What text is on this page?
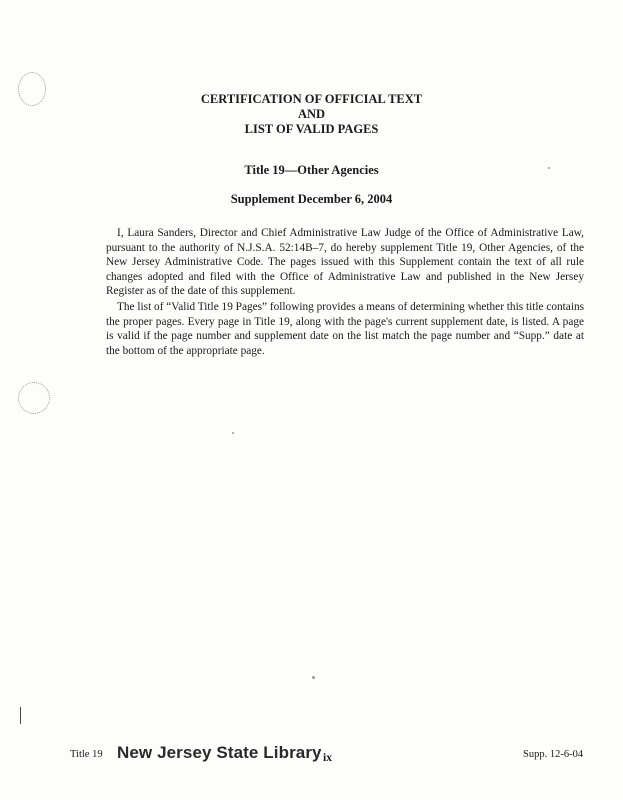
CERTIFICATION OF OFFICIAL TEXT
AND
LIST OF VALID PAGES
Title 19—Other Agencies
Supplement December 6, 2004

I, Laura Sanders, Director and Chief Administrative Law Judge of the Office of Administrative Law, pursuant to the authority of N.J.S.A. 52:14B–7, do hereby supplement Title 19, Other Agencies, of the New Jersey Administrative Code. The pages issued with this Supplement contain the text of all rule changes adopted and filed with the Office of Administrative Law and published in the New Jersey Register as of the date of this supplement.

The list of “Valid Title 19 Pages” following provides a means of determining whether this title contains the proper pages. Every page in Title 19, along with the page's current supplement date, is listed. A page is valid if the page number and supplement date on the list match the page number and “Supp.” date at the bottom of the appropriate page.

Title 19 New Jersey State Library ix	Supp. 12-6-04
